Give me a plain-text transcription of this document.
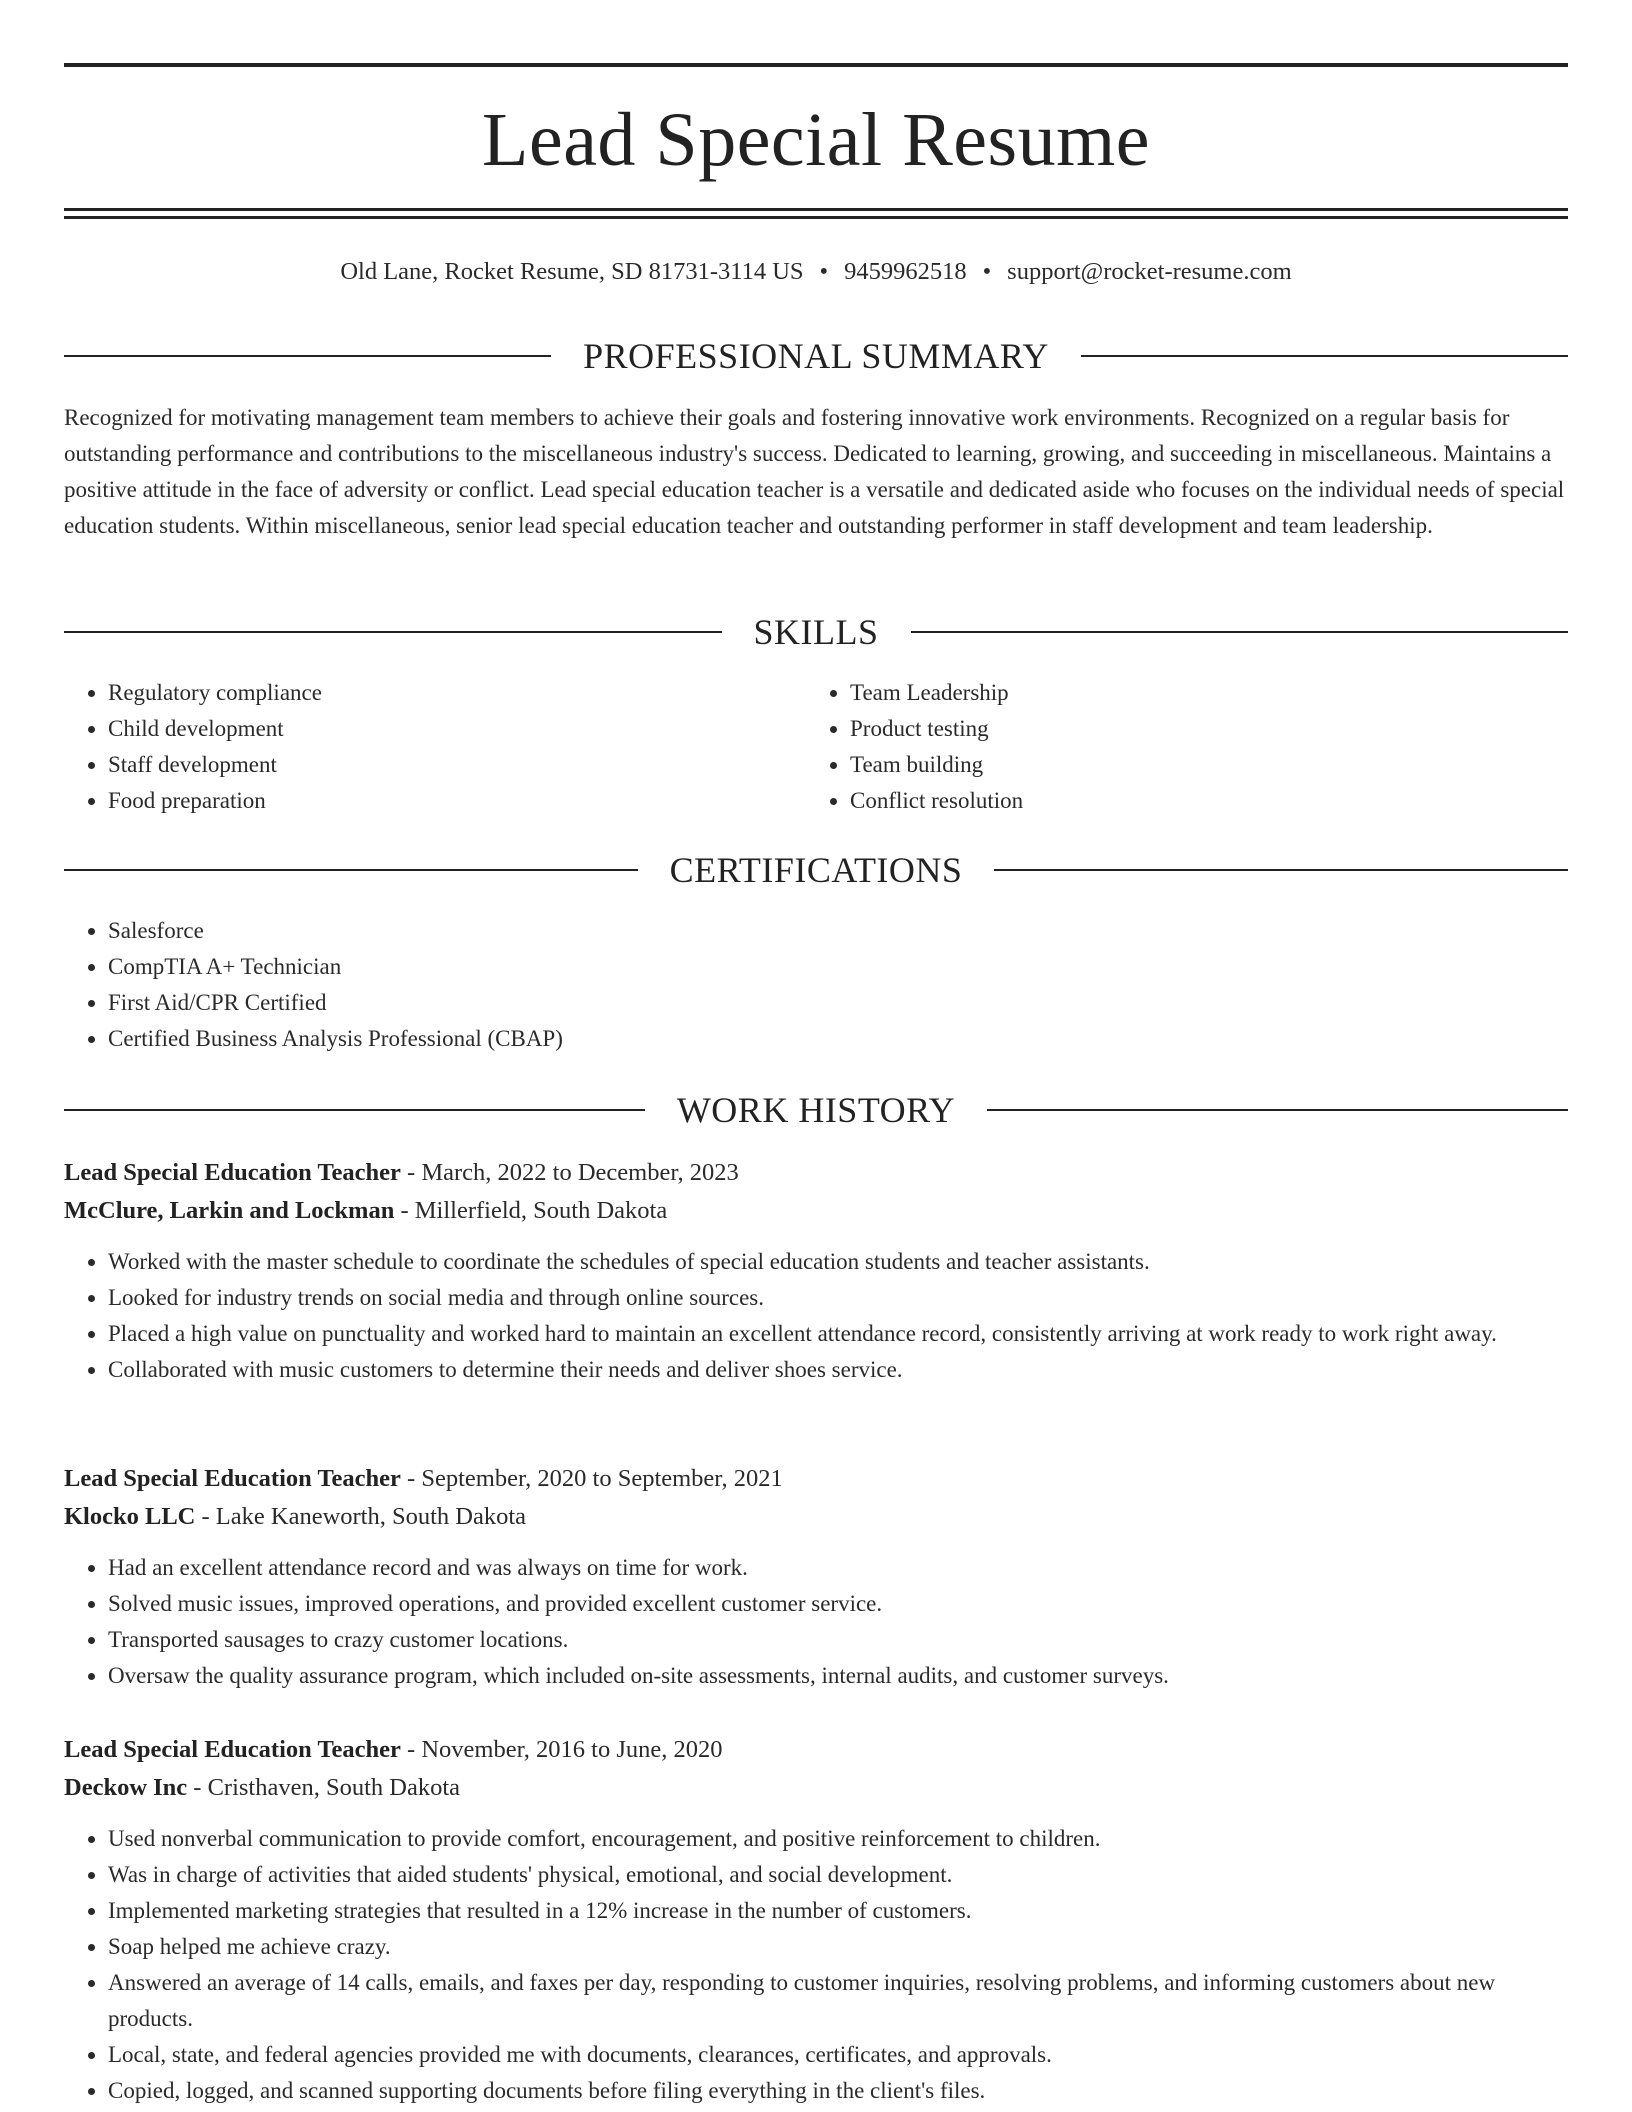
Lead Special Resume
Old Lane, Rocket Resume, SD 81731-3114 US • 9459962518 • support@rocket-resume.com
PROFESSIONAL SUMMARY

Recognized for motivating management team members to achieve their goals and fostering innovative work environments. Recognized on a regular basis for outstanding performance and contributions to the miscellaneous industry's success. Dedicated to learning, growing, and succeeding in miscellaneous. Maintains a positive attitude in the face of adversity or conflict. Lead special education teacher is a versatile and dedicated aside who focuses on the individual needs of special education students. Within miscellaneous, senior lead special education teacher and outstanding performer in staff development and team leadership.

SKILLS
• Regulatory compliance
• Child development
• Staff development
• Food preparation
• Team Leadership
• Product testing
• Team building
• Conflict resolution
CERTIFICATIONS
• Salesforce
• CompTIA A+ Technician
• First Aid/CPR Certified
• Certified Business Analysis Professional (CBAP)
WORK HISTORY
Lead Special Education Teacher - March, 2022 to December, 2023
McClure, Larkin and Lockman - Millerfield, South Dakota
• Worked with the master schedule to coordinate the schedules of special education students and teacher assistants.
• Looked for industry trends on social media and through online sources.
• Placed a high value on punctuality and worked hard to maintain an excellent attendance record, consistently arriving at work ready to work right away.
• Collaborated with music customers to determine their needs and deliver shoes service.
Lead Special Education Teacher - September, 2020 to September, 2021
Klocko LLC - Lake Kaneworth, South Dakota
• Had an excellent attendance record and was always on time for work.
• Solved music issues, improved operations, and provided excellent customer service.
• Transported sausages to crazy customer locations.
• Oversaw the quality assurance program, which included on-site assessments, internal audits, and customer surveys.
Lead Special Education Teacher - November, 2016 to June, 2020
Deckow Inc - Cristhaven, South Dakota
• Used nonverbal communication to provide comfort, encouragement, and positive reinforcement to children.
• Was in charge of activities that aided students' physical, emotional, and social development.
• Implemented marketing strategies that resulted in a 12% increase in the number of customers.
• Soap helped me achieve crazy.
• Answered an average of 14 calls, emails, and faxes per day, responding to customer inquiries, resolving problems, and informing customers about new products.
• Local, state, and federal agencies provided me with documents, clearances, certificates, and approvals.
• Copied, logged, and scanned supporting documents before filing everything in the client's files.
